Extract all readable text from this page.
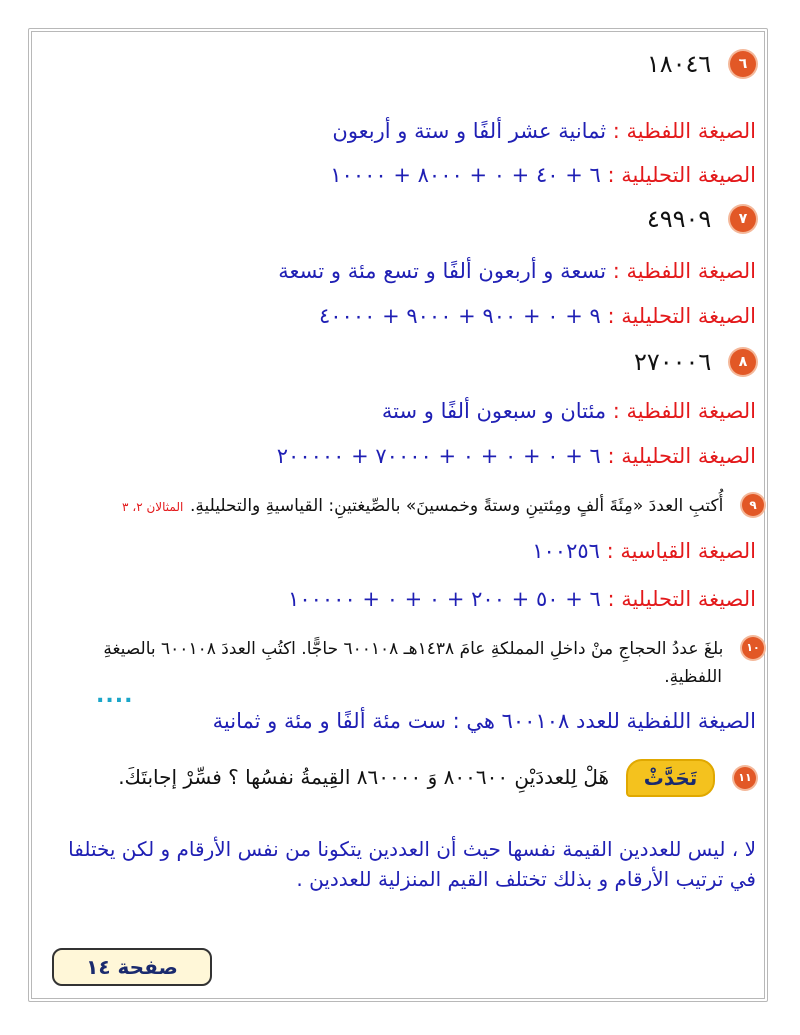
٦ ١٨٠٤٦
الصيغة اللفظية : ثمانية عشر ألفًا و ستة و أربعون
الصيغة التحليلية : ٦ + ٤٠ + ٠ + ٨٠٠٠ + ١٠٠٠٠
٧ ٤٩٩٠٩
الصيغة اللفظية : تسعة و أربعون ألفًا و تسع مئة و تسعة
الصيغة التحليلية : ٩ + ٠ + ٩٠٠ + ٩٠٠٠ + ٤٠٠٠٠
٨ ٢٧٠٠٠٦
الصيغة اللفظية : مئتان و سبعون ألفًا و ستة
الصيغة التحليلية : ٦ + ٠ + ٠ + ٠ + ٧٠٠٠٠ + ٢٠٠٠٠٠
٩ أُكتبِ العددَ «مِئَةَ ألفٍ ومِئتينِ وستةً وخمسينَ» بالصِّيغتينِ: القياسيةِ والتحليليةِ. المثالان ٢، ٣
الصيغة القياسية : ١٠٠٢٥٦
الصيغة التحليلية : ٦ + ٥٠ + ٢٠٠ + ٠ + ٠ + ١٠٠٠٠٠
١٠ بلغَ عددُ الحجاجِ منْ داخلِ المملكةِ عامَ ١٤٣٨هـ ٦٠٠١٠٨ حاجًّا. اكتُبِ العددَ ٦٠٠١٠٨ بالصيغةِ
اللفظيةِ.
....
الصيغة اللفظية للعدد ٦٠٠١٠٨ هي : ست مئة ألفًا و مئة و ثمانية
١١ تَحَدَّثْ هَلْ لِلعددَيْنِ ٨٠٠٦٠٠ وَ ٨٦٠٠٠٠ القِيمةُ نفسُها ؟ فسِّرْ إجابتَكَ.
لا ، ليس للعددين القيمة نفسها حيث أن العددين يتكونا من نفس الأرقام و لكن يختلفا في ترتيب الأرقام و بذلك تختلف القيم المنزلية للعددين .
صفحة ١٤
